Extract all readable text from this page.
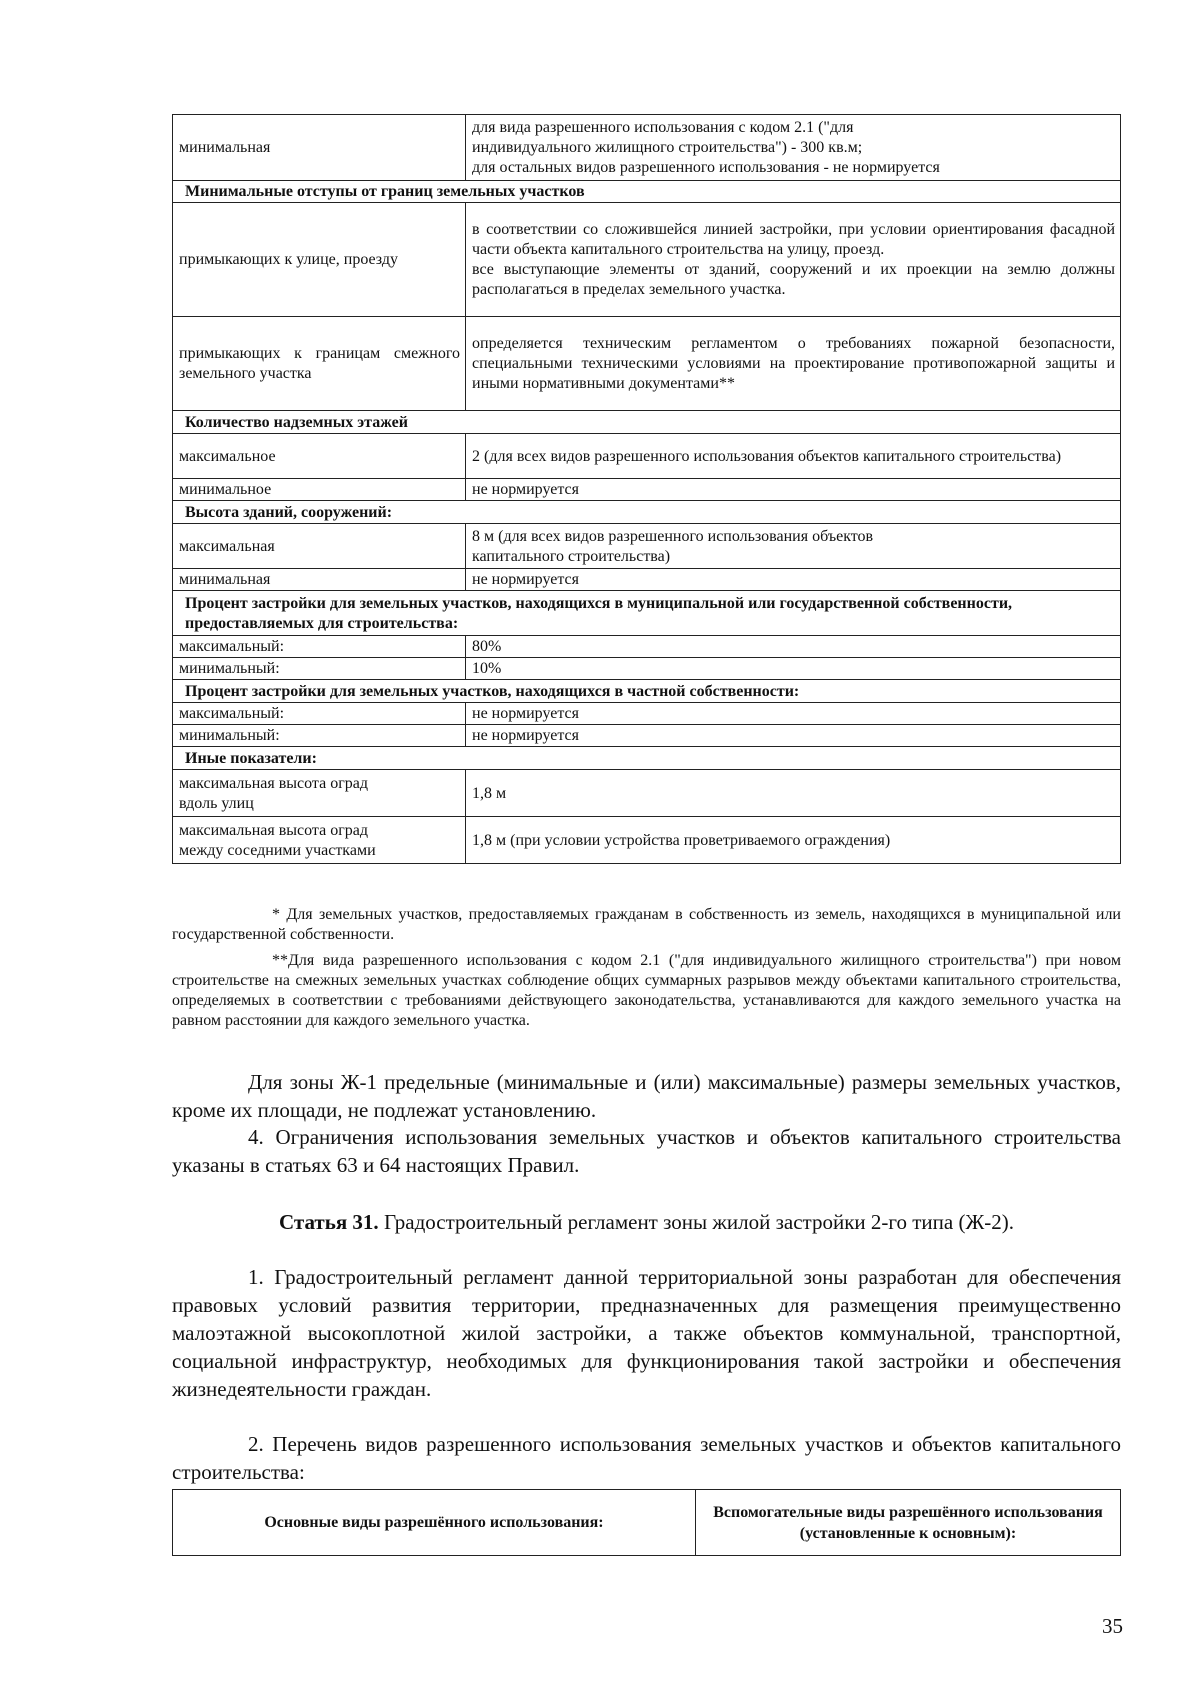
минимальная	для вида разрешенного использования с кодом 2.1 ("для
индивидуального жилищного строительства") - 300 кв.м;
для остальных видов разрешенного использования - не нормируется

Минимальные отступы от границ земельных участков	
примыкающих к улице, проезду	в соответствии со сложившейся линией застройки, при условии ориентирования фасадной части объекта капитального строительства на улицу, проезд.
все выступающие элементы от зданий, сооружений и их проекции на землю должны располагаться в пределах земельного участка.

примыкающих к границам смежного земельного участка	определяется техническим регламентом о требованиях пожарной безопасности, специальными техническими условиями на проектирование противопожарной защиты и иными нормативными документами**
Количество надземных этажей	
максимальное	2 (для всех видов разрешенного использования объектов капитального строительства)
минимальное	не нормируется
Высота зданий, сооружений:	
максимальная	8 м (для всех видов разрешенного использования объектов
капитального строительства)

минимальная	не нормируется
Процент застройки для земельных участков, находящихся в муниципальной или государственной собственности, предоставляемых для строительства:	
максимальный:	80%
минимальный:	10%
Процент застройки для земельных участков, находящихся в частной собственности:	
максимальный:	не нормируется
минимальный:	не нормируется
Иные показатели:	

максимальная высота оград
вдоль улиц	1,8 м

максимальная высота оград
между соседними участками	1,8 м (при условии устройства проветриваемого ограждения)
* Для земельных участков, предоставляемых гражданам в собственность из земель, находящихся в муниципальной или государственной собственности.
**Для вида разрешенного использования с кодом 2.1 ("для индивидуального жилищного строительства") при новом строительстве на смежных земельных участках соблюдение общих суммарных разрывов между объектами капитального строительства, определяемых в соответствии с требованиями действующего законодательства, устанавливаются для каждого земельного участка на равном расстоянии для каждого земельного участка.
Для зоны Ж-1 предельные (минимальные и (или) максимальные) размеры земельных участков, кроме их площади, не подлежат установлению.
4. Ограничения использования земельных участков и объектов капитального строительства указаны в статьях 63 и 64 настоящих Правил.
Статья 31. Градостроительный регламент зоны жилой застройки 2-го типа (Ж-2).
1. Градостроительный регламент данной территориальной зоны разработан для обеспечения правовых условий развития территории, предназначенных для размещения преимущественно малоэтажной высокоплотной жилой застройки, а также объектов коммунальной, транспортной, социальной инфраструктур, необходимых для функционирования такой застройки и обеспечения жизнедеятельности граждан.
2. Перечень видов разрешенного использования земельных участков и объектов капитального строительства:
Основные виды разрешённого использования:	Вспомогательные виды разрешённого использования (установленные к основным):
35
